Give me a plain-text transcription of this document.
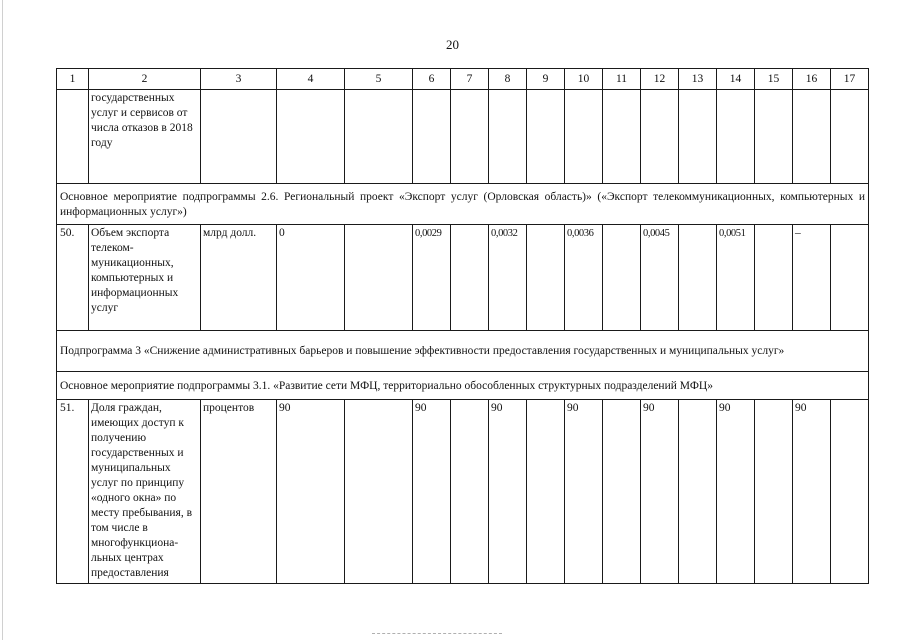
20
1	2	3	4	5	6	7	8	9	10	11	12	13	14	15	16	17
	государственных услуг и сервисов от числа отказов в 2018 году															
Основное мероприятие подпрограммы 2.6. Региональный проект «Экспорт услуг (Орловская область)» («Экспорт телекоммуникационных, компьютерных и информационных услуг»)																
50.	Объем экспорта телеком-муникационных, компьютерных и информационных услуг	млрд долл.	0		0,0029		0,0032		0,0036		0,0045		0,0051		–	
Подпрограмма 3 «Снижение административных барьеров и повышение эффективности предоставления государственных и муниципальных услуг»																
Основное мероприятие подпрограммы 3.1. «Развитие сети МФЦ, территориально обособленных структурных подразделений МФЦ»																
51.	Доля граждан, имеющих доступ к получению государственных и муниципальных услуг по принципу «одного окна» по месту пребывания, в том числе в многофункциона-льных центрах предоставления	процентов	90		90		90		90		90		90		90	
